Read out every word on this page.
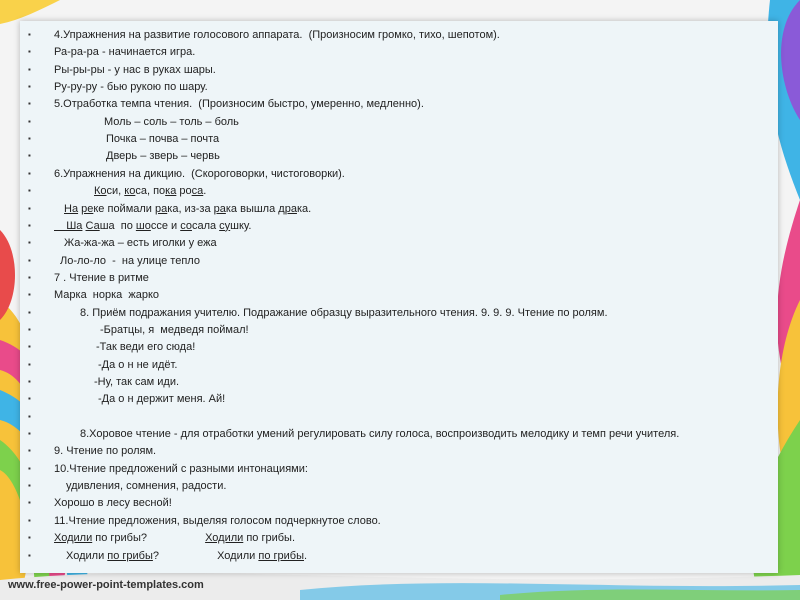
▪ 4.Упражнения на развитие голосового аппарата.  (Произносим громко, тихо, шепотом).
▪ Ра-ра-ра - начинается игра.
▪ Ры-ры-ры - у нас в руках шары.
▪ Ру-ру-ру - бью рукою по шару.
▪ 5.Отработка темпа чтения.  (Произносим быстро, умеренно, медленно).
▪	Моль – соль – толь – боль
▪	Почка – почва – почта
▪	Дверь – зверь – червь
▪ 6.Упражнения на дикцию.  (Скороговорки, чистоговорки).
▪	Коси, коса, пока роса.
▪	На реке поймали рака, из-за рака вышла драка.
▪ Ша Саша  по шоссе и сосала сушку.
▪	Жа-жа-жа – есть иголки у ежа
▪	Ло-ло-ло  -  на улице тепло
▪ 7 . Чтение в ритме
▪ Марка  норка  жарко
▪	8. Приём подражания учителю. Подражание образцу выразительного чтения. 9. 9. 9. Чтение по ролям.
▪	-Братцы, я  медведя поймал!
▪	-Так веди его сюда!
▪	-Да о н не идёт.
▪	-Ну, так сам иди.
▪	-Да о н держит меня. Ай!
▪
▪	8.Хоровое чтение - для отработки умений регулировать силу голоса, воспроизводить мелодику и темп речи учителя.
▪ 9. Чтение по ролям.
▪ 10.Чтение предложений с разными интонациями:
▪	удивления, сомнения, радости.
▪ Хорошо в лесу весной!
▪ 11.Чтение предложения, выделяя голосом подчеркнутое слово.
▪ Ходили по грибы?                   Ходили по грибы.
▪	Ходили по грибы?                   Ходили по грибы.
www.free-power-point-templates.com
